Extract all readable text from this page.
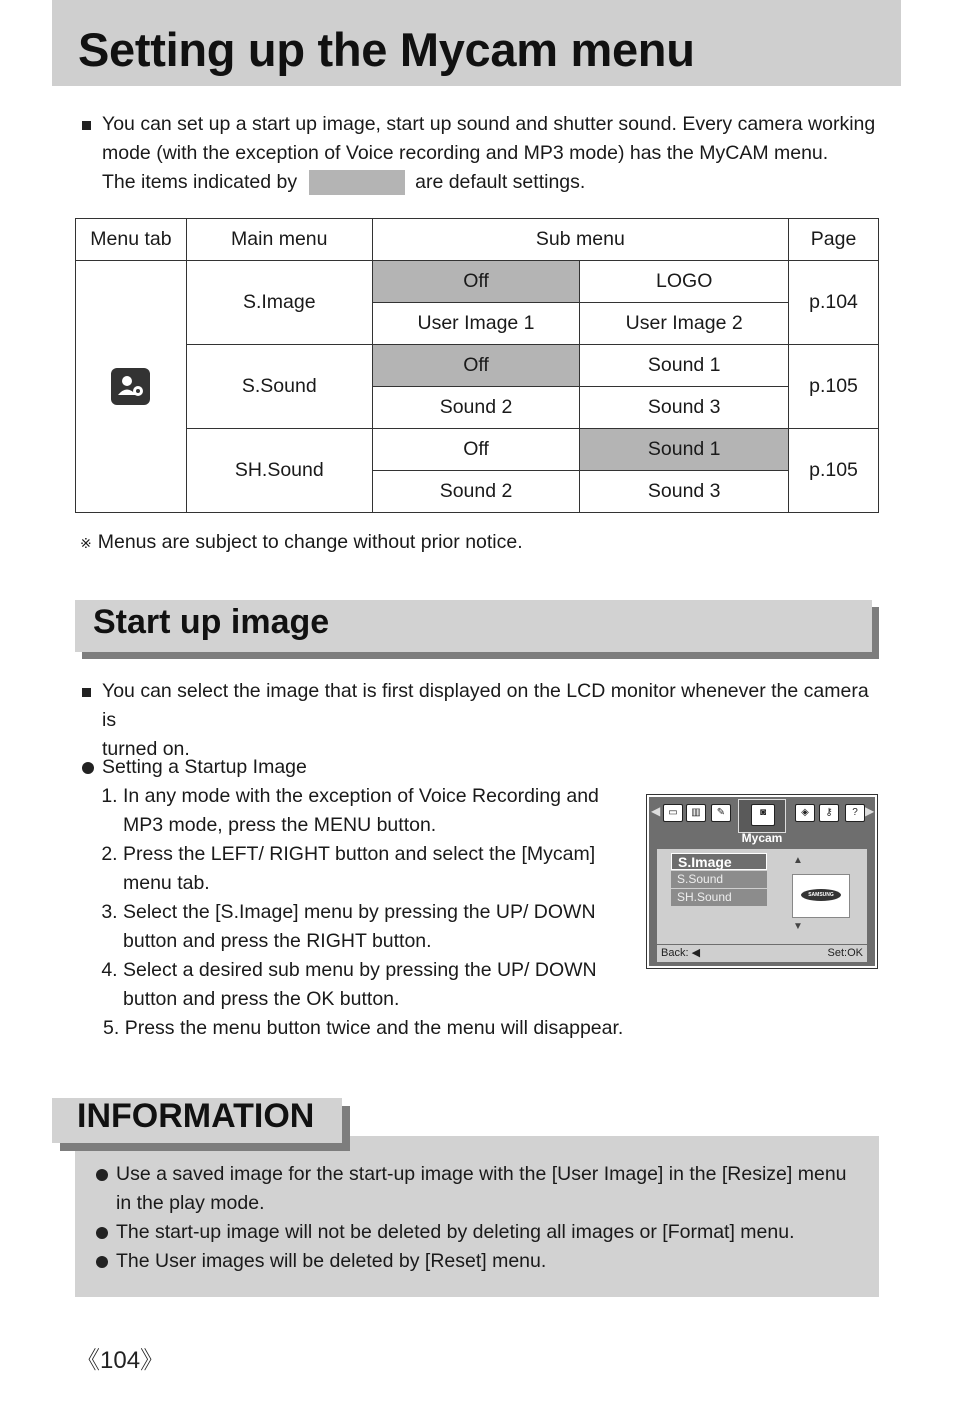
Setting up the Mycam menu
You can set up a start up image, start up sound and shutter sound. Every camera working
mode (with the exception of Voice recording and MP3 mode) has the MyCAM menu.
The items indicated by	are default settings.
Menu tab	Main menu	Sub menu		Page
	S.Image	Off	LOGO	p.104
		User Image 1	User Image 2	
	S.Sound	Off	Sound 1	p.105
		Sound 2	Sound 3	
	SH.Sound	Off	Sound 1	p.105
		Sound 2	Sound 3	
※ Menus are subject to change without prior notice.
Start up image
You can select the image that is first displayed on the LCD monitor whenever the camera is
turned on.
Setting a Startup Image
1. In any mode with the exception of Voice Recording and MP3 mode, press the MENU button.
2. Press the LEFT/ RIGHT button and select the [Mycam] menu tab.
3. Select the [S.Image] menu by pressing the UP/ DOWN button and press the RIGHT button.
4. Select a desired sub menu by pressing the UP/ DOWN button and press the OK button.
5. Press the menu button twice and the menu will disappear.
◀ ▭	▥	✎	◙	◈	⚷	? ▶
Mycam
S.Image
S.Sound
SH.Sound
▲
SAMSUNG
▼
Back: ◀	Set:OK
INFORMATION
Use a saved image for the start-up image with the [User Image] in the [Resize] menu in the play mode.
The start-up image will not be deleted by deleting all images or [Format] menu.
The User images will be deleted by [Reset] menu.
《104》
